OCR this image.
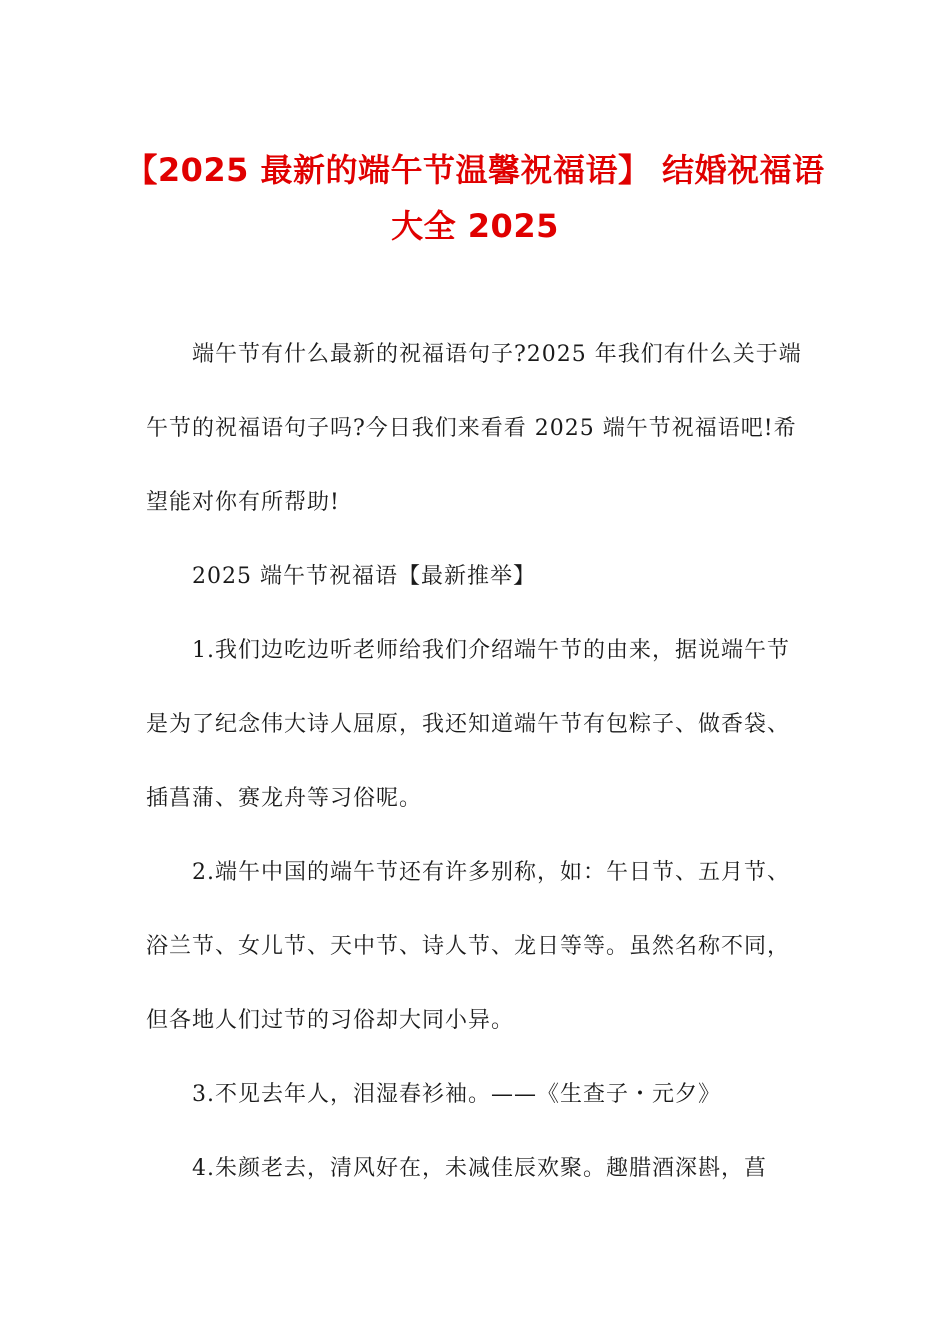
【2025 最新的端午节温馨祝福语】 结婚祝福语大全 2025

端午节有什么最新的祝福语句子?2025 年我们有什么关于端午节的祝福语句子吗?今日我们来看看 2025 端午节祝福语吧!希望能对你有所帮助!

2025 端午节祝福语【最新推举】

1.我们边吃边听老师给我们介绍端午节的由来，据说端午节是为了纪念伟大诗人屈原，我还知道端午节有包粽子、做香袋、插菖蒲、赛龙舟等习俗呢。

2.端午中国的端午节还有许多别称，如：午日节、五月节、浴兰节、女儿节、天中节、诗人节、龙日等等。虽然名称不同，但各地人们过节的习俗却大同小异。

3.不见去年人，泪湿春衫袖。——《生查子・元夕》

4.朱颜老去，清风好在，未减佳辰欢聚。趣腊酒深斟，菖
